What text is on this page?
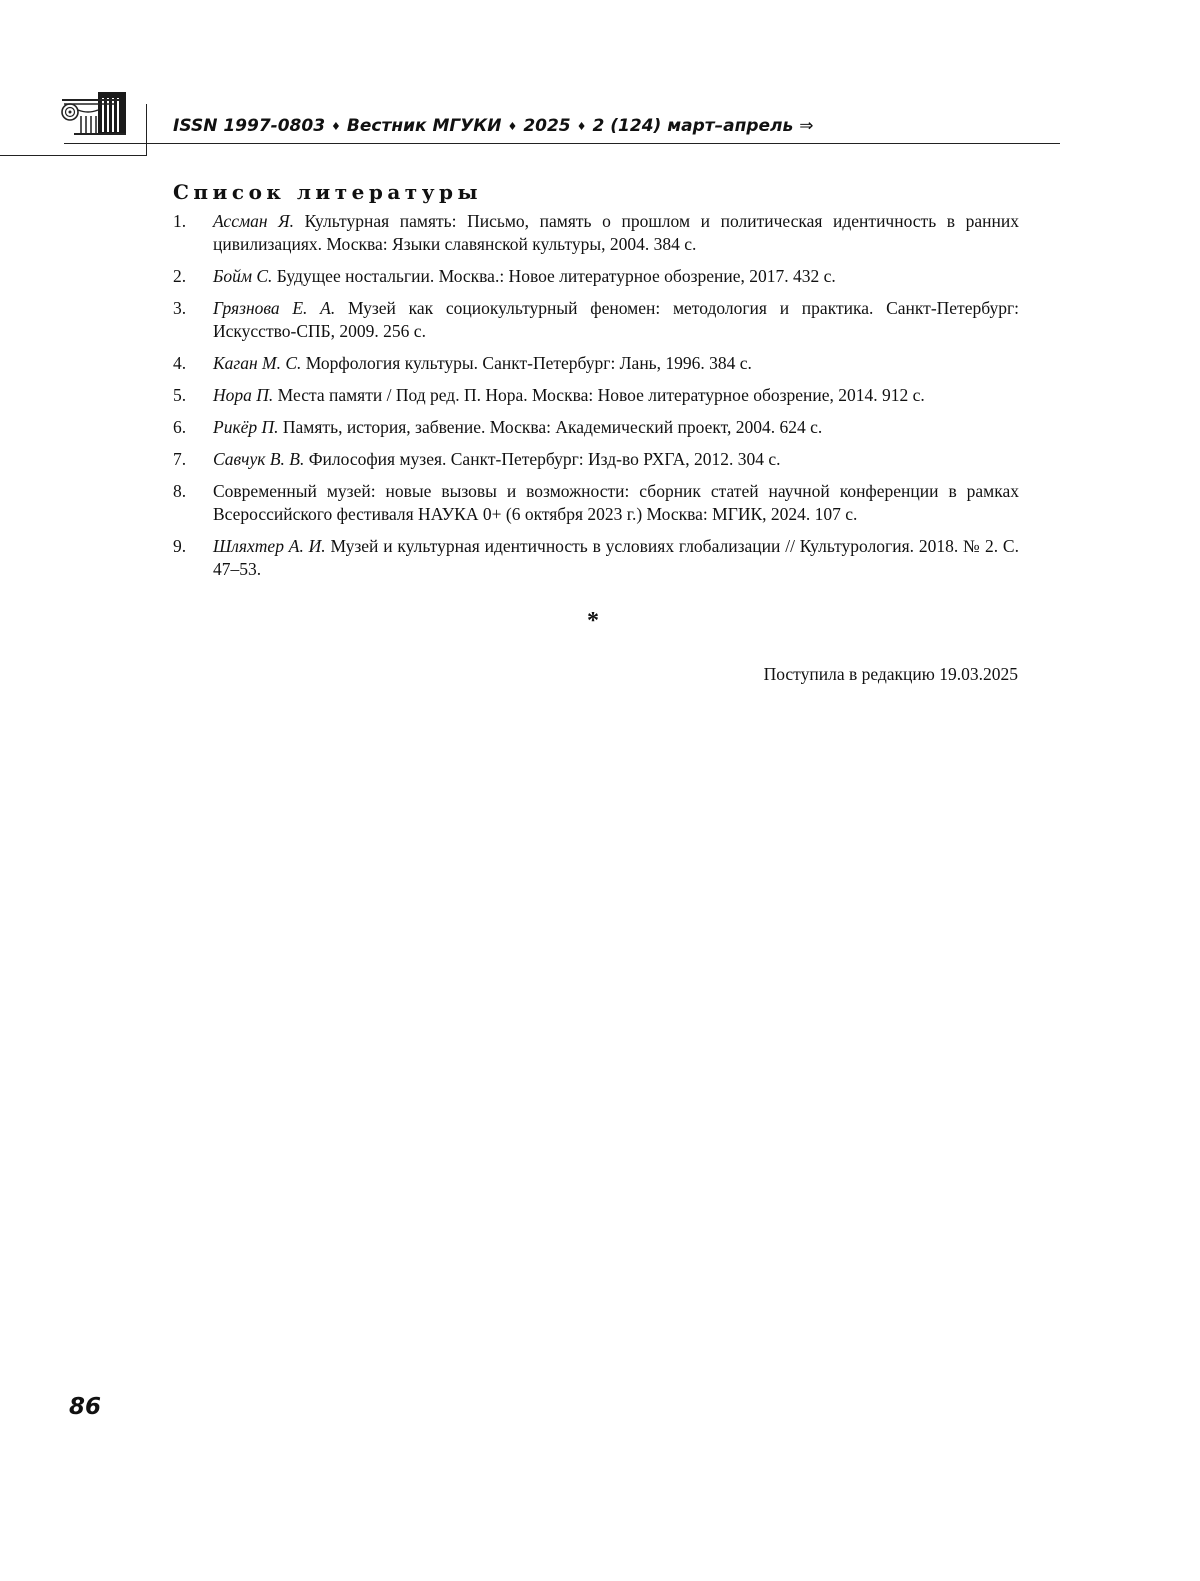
ISSN 1997-0803 ♦ Вестник МГУКИ ♦ 2025 ♦ 2 (124) март–апрель ⇒
Список литературы
1. Ассман Я. Культурная память: Письмо, память о прошлом и политическая идентичность в ранних цивилизациях. Москва: Языки славянской культуры, 2004. 384 с.
2. Бойм С. Будущее ностальгии. Москва.: Новое литературное обозрение, 2017. 432 с.
3. Грязнова Е. А. Музей как социокультурный феномен: методология и практика. Санкт-Петербург: Искусство-СПБ, 2009. 256 с.
4. Каган М. С. Морфология культуры. Санкт-Петербург: Лань, 1996. 384 с.
5. Нора П. Места памяти / Под ред. П. Нора. Москва: Новое литературное обозрение, 2014. 912 с.
6. Рикёр П. Память, история, забвение. Москва: Академический проект, 2004. 624 с.
7. Савчук В. В. Философия музея. Санкт-Петербург: Изд-во РХГА, 2012. 304 с.
8. Современный музей: новые вызовы и возможности: сборник статей научной конференции в рамках Всероссийского фестиваля НАУКА 0+ (6 октября 2023 г.) Москва: МГИК, 2024. 107 с.
9. Шляхтер А. И. Музей и культурная идентичность в условиях глобализации // Культурология. 2018. № 2. С. 47–53.
*
Поступила в редакцию 19.03.2025
86
